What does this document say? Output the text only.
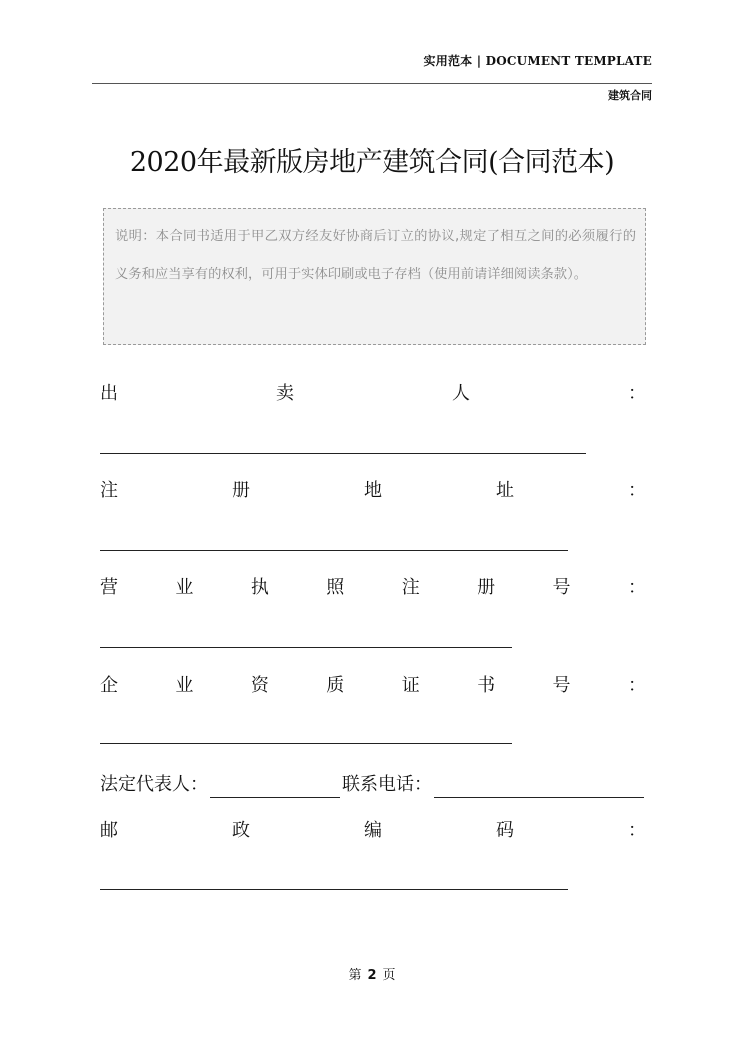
实用范本 | DOCUMENT TEMPLATE
建筑合同
2020年最新版房地产建筑合同(合同范本)
说明：本合同书适用于甲乙双方经友好协商后订立的协议,规定了相互之间的必须履行的义务和应当享有的权利，可用于实体印刷或电子存档（使用前请详细阅读条款）。
出	卖	人	：
注	册	地	址	：
营	业	执	照	注	册	号	：
企	业	资	质	证	书	号	：
法定代表人：	联系电话：
邮	政	编	码	：
第 2 页
